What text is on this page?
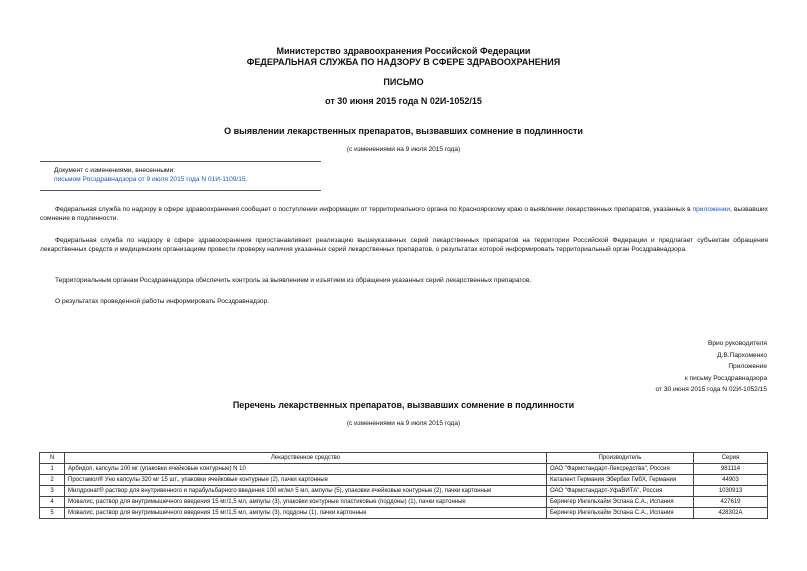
Министерство здравоохранения Российской Федерации
ФЕДЕРАЛЬНАЯ СЛУЖБА ПО НАДЗОРУ В СФЕРЕ ЗДРАВООХРАНЕНИЯ
ПИСЬМО
от 30 июня 2015 года N 02И-1052/15
О выявлении лекарственных препаратов, вызвавших сомнение в подлинности
(с изменениями на 9 июля 2015 года)
Документ с изменениями, внесенными:
письмом Росздравнадзора от 9 июля 2015 года N 01И-1109/15.
Федеральная служба по надзору в сфере здравоохранения сообщает о поступлении информации от территориального органа по Красноярскому краю о выявлении лекарственных препаратов, указанных в приложении, вызвавших сомнение в подлинности.
Федеральная служба по надзору в сфере здравоохранения приостанавливает реализацию вышеуказанных серий лекарственных препаратов на территории Российской Федерации и предлагает субъектам обращения лекарственных средств и медицинским организациям провести проверку наличия указанных серий лекарственных препаратов, о результатах которой информировать территориальный орган Росздравнадзора.
Территориальным органам Росздравнадзора обеспечить контроль за выявлением и изъятием из обращения указанных серий лекарственных препаратов.
О результатах проведенной работы информировать Росздравнадзор.
Врио руководителя
Д.В.Пархоменко
Приложение
к письму Росздравнадзора
от 30 июня 2015 года N 02И-1052/15
Перечень лекарственных препаратов, вызвавших сомнение в подлинности
(с изменениями на 9 июля 2015 года)
N	Лекарственное средство	Производитель	Серия
1	Арбидол, капсулы 100 мг (упаковки ячейковые контурные) N 10	ОАО "Фармстандарт-Лексредства", Россия	981114
2	Простамол® Уно капсулы 320 мг 15 шт., упаковки ячейковые контурные (2), пачки картонные	Каталент Германия Эбербах ГмбХ, Германия	44903
3	Милдронат® раствор для внутривенного и парабульбарного введения 100 мг/мл 5 мл, ампулы (5), упаковки ячейковые контурные (2), пачки картонные	ОАО "Фармстандарт-УфаВИТА", Россия	1030913
4	Мовалис, раствор для внутримышечного введения 15 мг/1,5 мл, ампулы (3), упаковки контурные пластиковые (поддоны) (1), пачки картонные	Берингер Ингельхайм Эспана С.А., Испания	427619
5	Мовалис, раствор для внутримышечного введения 15 мг/1,5 мл, ампулы (3), поддоны (1), пачки картонные	Берингер Ингельхайм Эспана С.А., Испания	428302А
